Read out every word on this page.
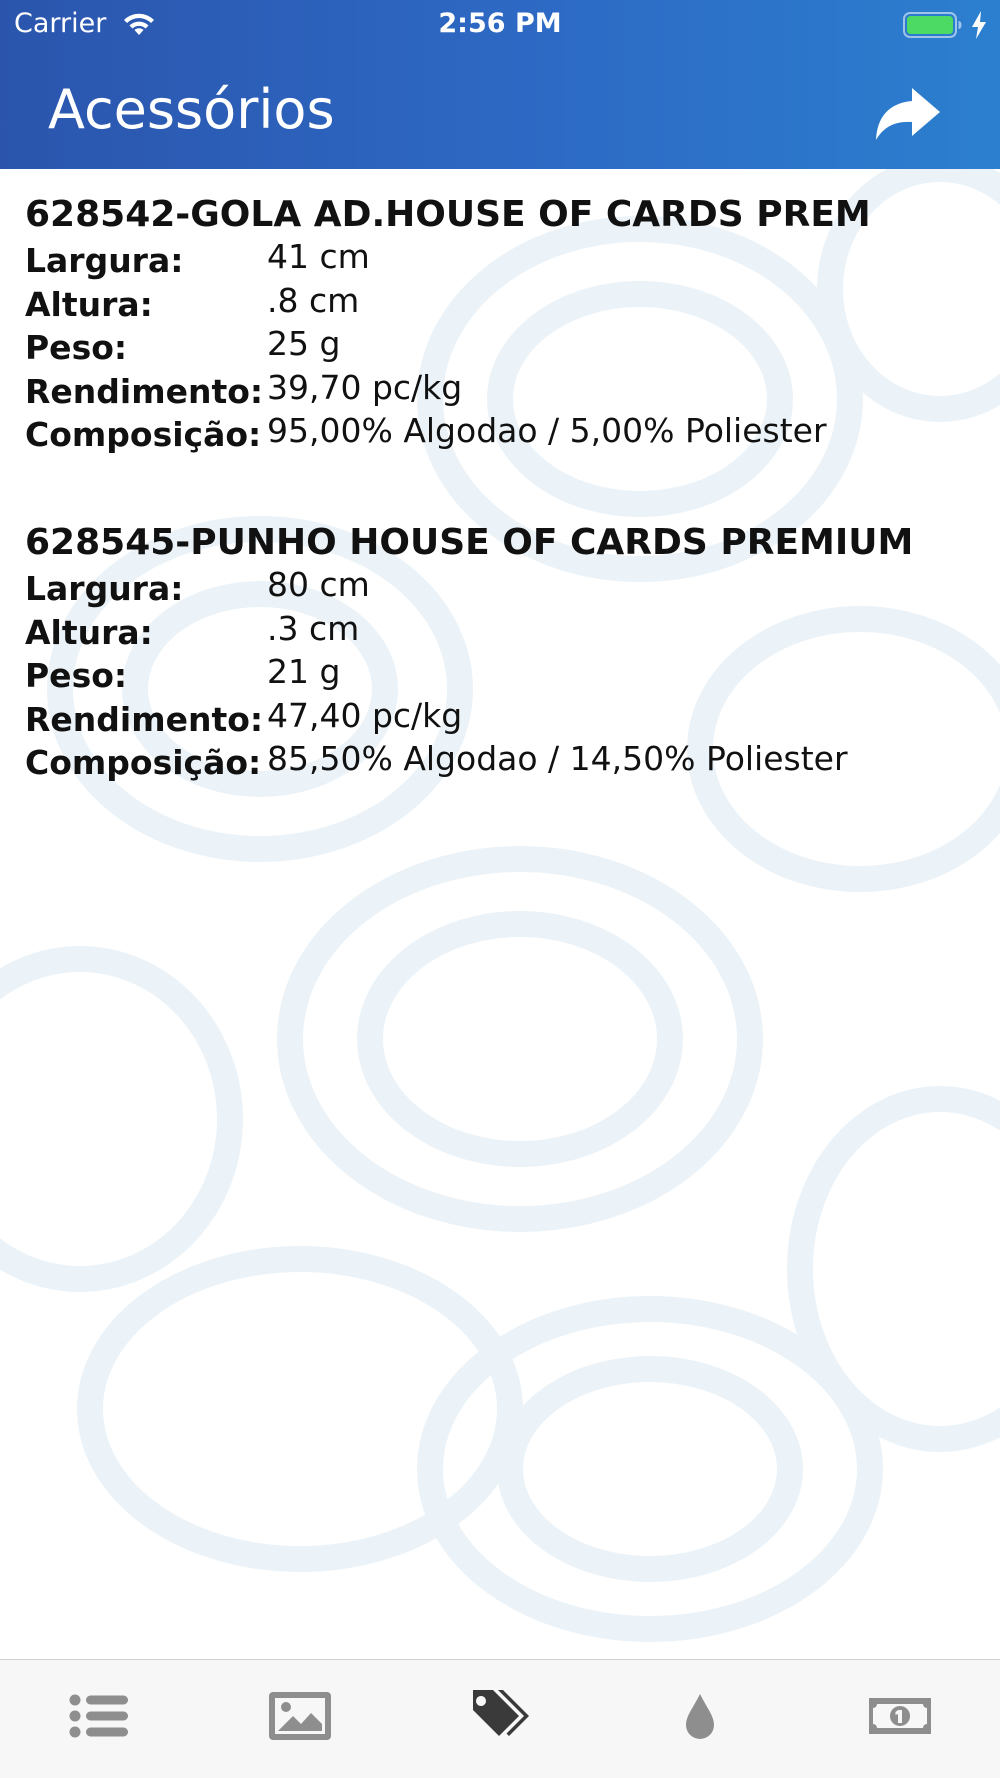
Carrier	2:56 PM
Acessórios
628542-GOLA AD.HOUSE OF CARDS PREM
Largura:	41 cm
Altura:	.8 cm
Peso:	25 g
Rendimento: 39,70 pc/kg
Composição: 95,00% Algodao / 5,00% Poliester
628545-PUNHO HOUSE OF CARDS PREMIUM
Largura:	80 cm
Altura:	.3 cm
Peso:	21 g
Rendimento: 47,40 pc/kg
Composição: 85,50% Algodao / 14,50% Poliester
